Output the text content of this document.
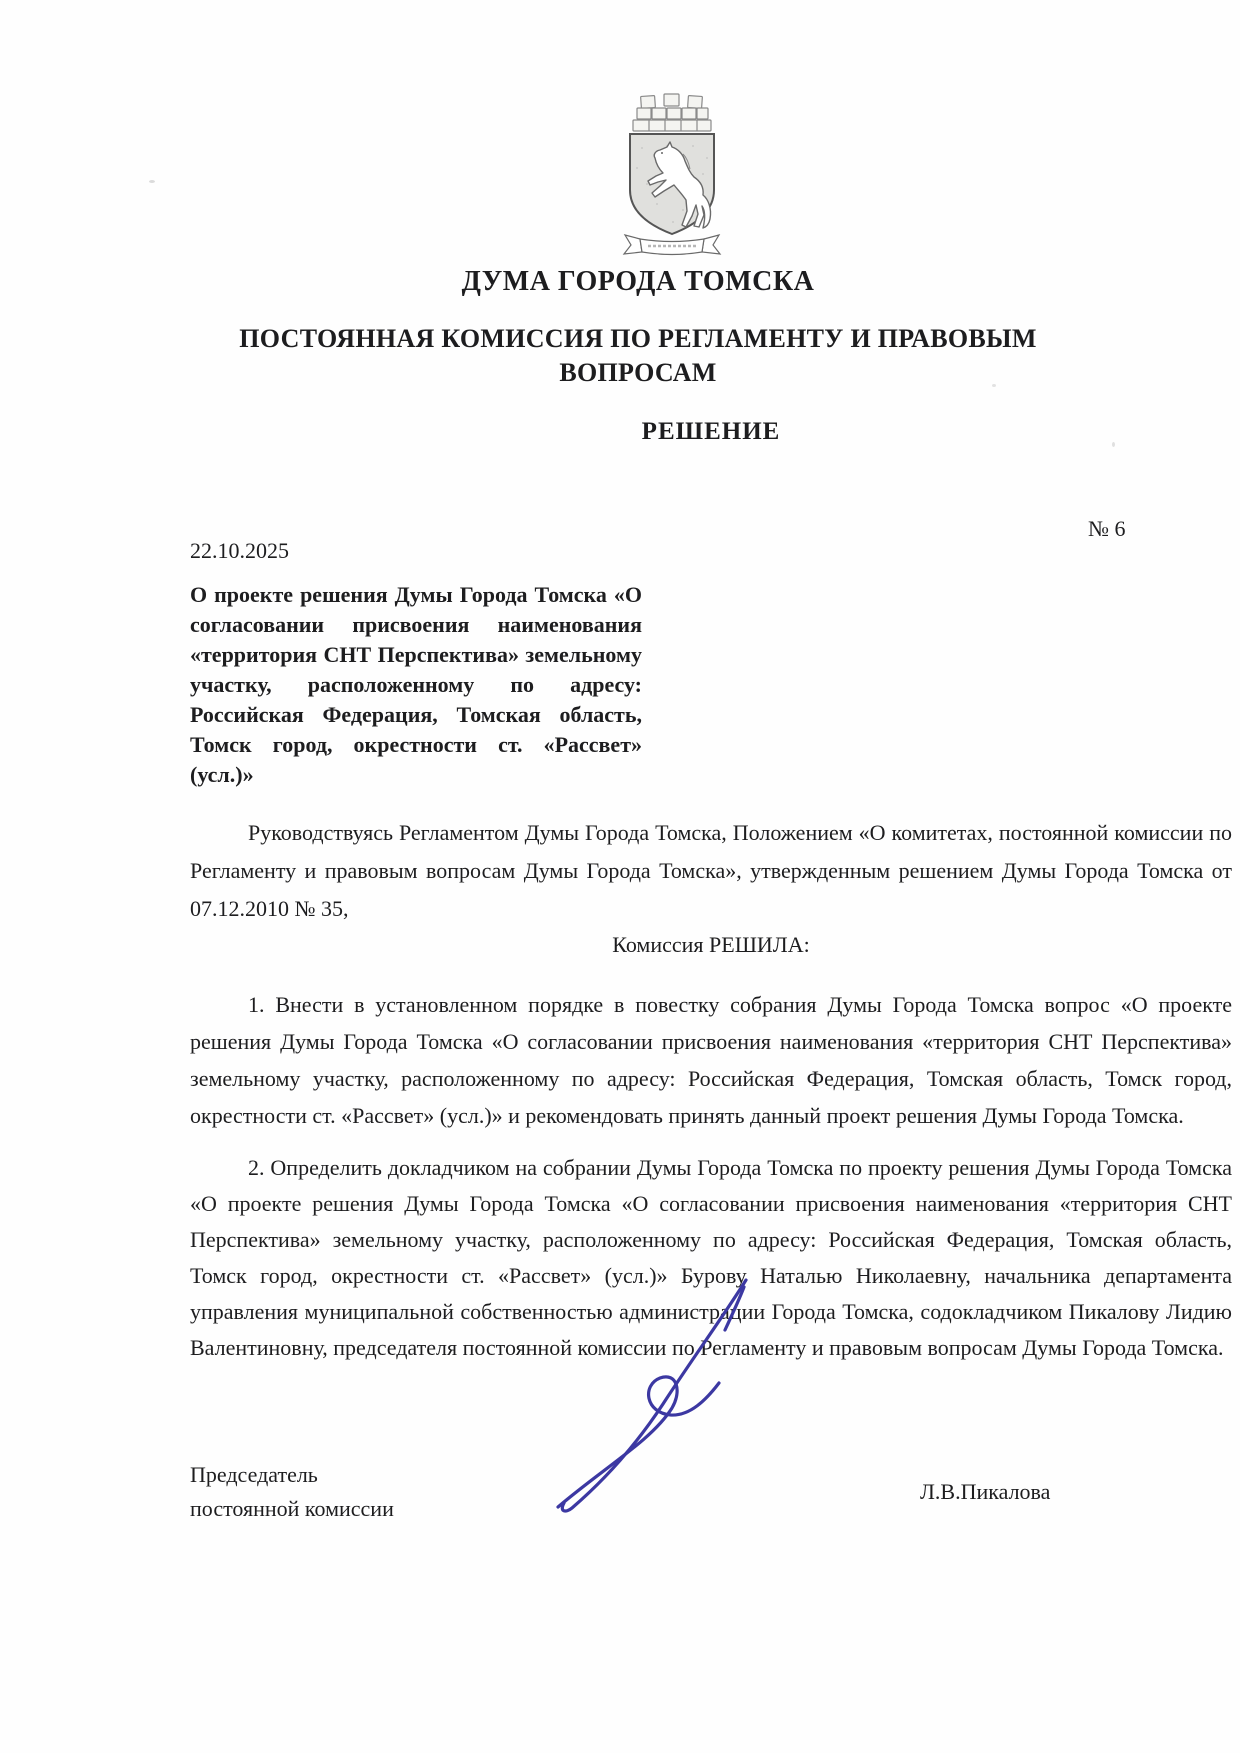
ДУМА ГОРОДА ТОМСКА
ПОСТОЯННАЯ КОМИССИЯ ПО РЕГЛАМЕНТУ И ПРАВОВЫМ ВОПРОСАМ
РЕШЕНИЕ
№ 6
22.10.2025
О проекте решения Думы Города Томска «О согласовании присвоения наименования «территория СНТ Перспектива» земельному участку, расположенному по адресу: Российская Федерация, Томская область, Томск город, окрестности ст. «Рассвет» (усл.)»
Руководствуясь Регламентом Думы Города Томска, Положением «О комитетах, постоянной комиссии по Регламенту и правовым вопросам Думы Города Томска», утвержденным решением Думы Города Томска от 07.12.2010 № 35,
Комиссия РЕШИЛА:
1. Внести в установленном порядке в повестку собрания Думы Города Томска вопрос «О проекте решения Думы Города Томска «О согласовании присвоения наименования «территория СНТ Перспектива» земельному участку, расположенному по адресу: Российская Федерация, Томская область, Томск город, окрестности ст. «Рассвет» (усл.)» и рекомендовать принять данный проект решения Думы Города Томска.
2. Определить докладчиком на собрании Думы Города Томска по проекту решения Думы Города Томска «О проекте решения Думы Города Томска «О согласовании присвоения наименования «территория СНТ Перспектива» земельному участку, расположенному по адресу: Российская Федерация, Томская область, Томск город, окрестности ст. «Рассвет» (усл.)» Бурову Наталью Николаевну, начальника департамента управления муниципальной собственностью администрации Города Томска, содокладчиком Пикалову Лидию Валентиновну, председателя постоянной комиссии по Регламенту и правовым вопросам Думы Города Томска.
Председатель
постоянной комиссии
Л.В.Пикалова
